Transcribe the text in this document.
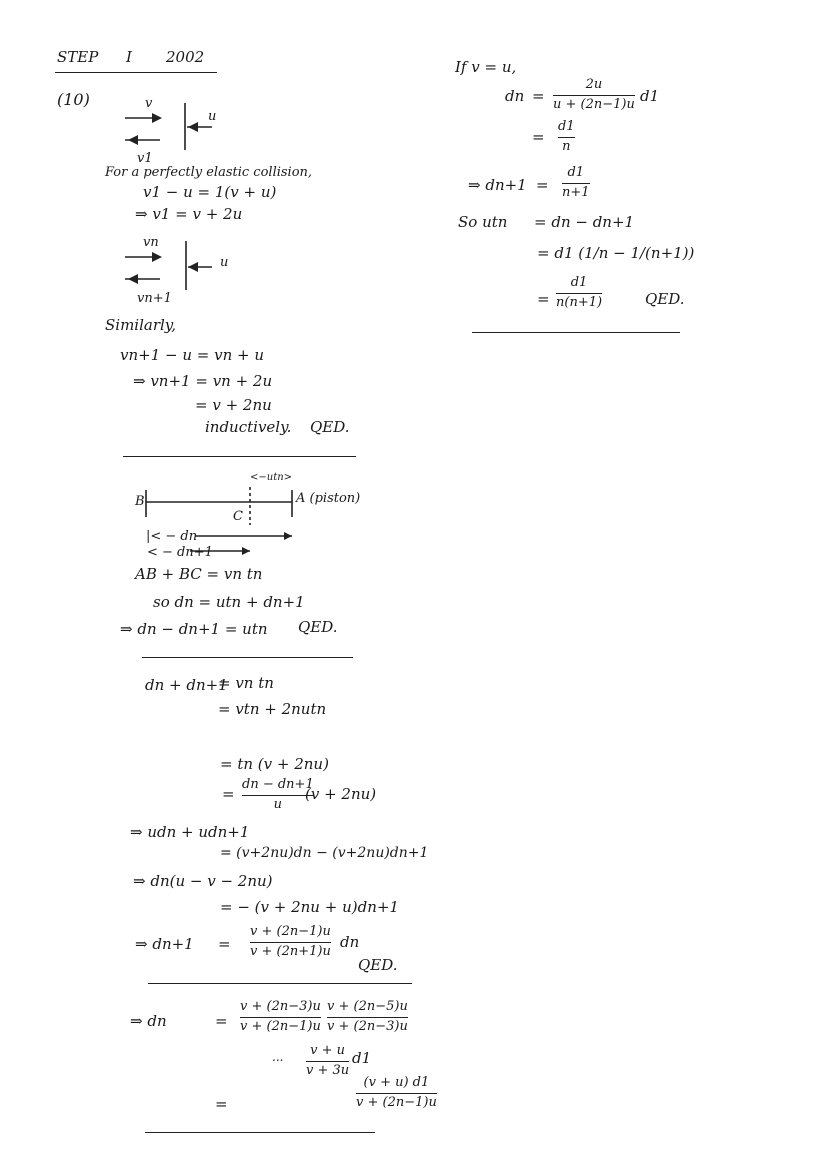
STEP I 2002
(10)	v
u
v1
For a perfectly elastic collision,
v1 − u = 1(v + u)
⇒ v1 = v + 2u
vn
u
vn+1
Similarly,
vn+1 − u = vn + u
⇒ vn+1 = vn + 2u
= v + 2nu
inductively. QED.
<−utn>
B
C
A (piston)
|< − dn
< − dn+1
AB + BC = vn tn
so dn = utn + dn+1
⇒ dn − dn+1 = utn QED.
dn + dn+1
= vn tn
= vtn + 2nutn
= tn (v + 2nu)
=
dn − dn+1
u
(v + 2nu)
⇒ udn + udn+1
= (v+2nu)dn − (v+2nu)dn+1
⇒ dn(u − v − 2nu)
= − (v + 2nu + u)dn+1
⇒ dn+1 =
v + (2n−1)u
v + (2n+1)u
dn
QED.
⇒ dn	=
v + (2n−3)u
v + (2n−1)u
v + (2n−5)u
v + (2n−3)u
... v + u
v + 3u
d1
=
(v + u) d1
v + (2n−1)u
If v = u,
dn =
2u
u + (2n−1)u d1
=
d1
n
⇒ dn+1 =
d1
n+1
So utn = dn − dn+1
= d1 (1/n − 1/(n+1))
=
d1
n(n+1)	QED.
